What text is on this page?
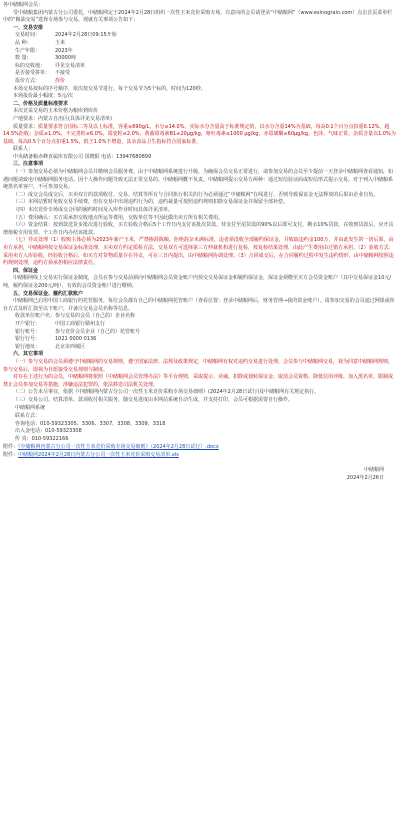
各中储粮网会员：

受中储粮集团内蒙古分公司委托，中储粮网定于2024年2月28日组织一次性玉米竞价采购专场，有意向的会员请登录“中储粮网”（www.esinograin.com）点击首页菜单栏中的“粮油交易”选择专场参与交易。现就有关事项公告如下：

一、交易安排

交易时间：	2024年2月28日09:15开始

品 种：	玉米

生产年限：	2023年

数 量：	30000吨

标的交收地： 详见交易清单

是否接受拼单： 不接受

报价方式：	挥价

本场交易按标的序号顺序，依次按交易节进行，每个交易节为5个标的，时间为120秒。

本场报价最小幅度：5元/次

二、价格及质量标准要求

本次竞采交易的玉米价格为粮库到库价

产地要求：内蒙古自治区(具体详见交易清单)

质量要求：质量要求符合国标二等及以上标准，容重≥690g/L，水分≤14.0%，实际水分含量高于标准规定的，以水分含量14%为基础，每高0.1个百分点扣重0.12%，超14.5%拒收；杂质≤1.0%，不完善粒≤6.0%，霉变粒≤2.0%，黄曲霉毒素B1≤20μg/kg，呕吐毒素≤1000 μg/kg，赤霉烯酮≤60μg/kg，色泽、气味正常。杂质含量以1.0%为基础，每高0.5个百分点扣重1.5%，低于1.0%不增量，其余食品卫生指标符合国家标准。

联系人：

中央储备粮赤峰直属库有限公司 国晓阳 电话：13947680899

三、注意事项

（一）参加交易必须为中储粮网会员并缴纳会员服务费。由于中储粮网系统进行升级，为确保会员交易正常进行，请参加交易的会员至少提前一天登录中储粮网查看通知，如遇问题请致电中储粮网服务电话。因个人操作问题导致无法正常交易的，中储粮网概不负责。中储粮网提示交易方两种：通过短信验证码或短信形式提示交易。对于列入中储粮系统黑名单客户，不可参加交易。

（二）成交会员成交后，买卖双方的款项收付、交易、结算等所有与合同执行相关的行为必须通过“中储粮网”在线进行，否则导致保证金无法释放的后果由企业自负。

（三）本网站暂时免收交易手续费，但在交易中出现违约行为的，违约裁量可按照违约规则扣除交易保证金并保留全部补偿。

（四）本次竞价专场成交合同的履约时间及入库作业时间具体详见清单。

（五）费用确认：买方需承担交收地点所运等费用，交收单位等不因此做出卖方所有相关费用。

（六）资金结算：按到款送货步批次进行验收，买方验收合格后5个工作日内支付该批次货款，待支付至尾货款的90%以后即可支付，剩余10%货款，在收到货款后，应开具增值税专用发票，个工作日内办结该批款。

（七）异议处理（1）收购主体必须为2023年新产玉米，严禁掺混陈粮。拒绝混杂未满标准，违者须没收全部履约保证金，并收取违约金100万，并由此发生的一切后果，由卖方承担，中储粮网按交易保证金标准处理，买卖双方约定质检方法，交易双方可选择第三方仲裁机构进行复检，按复检结果处理，由此产生费用由过错方承担。（2）验收方式：采用卖方入库验收，经验收合格后，如买方对货物质量存在异议，可在三日内提出，由中储粮网协调处理。（3）合同成交后，在合同履约过程中发生违约情形，由中储粮网按照违约规则处理，违约方须承担相应法律责任。

四、保证金

中储粮网线上交易实行保证金制度，会员在参与交易前须向中储粮网会员资金账户内预交交易保证金和履约保证金，保证金须缴至买方会员资金账户（其中交易保证金10元/吨，履约保证金200元/吨），有效的会员资金账户进行缴纳。

五、交易保证金、履约汇款账户

中储粮网已启用中国工商银行的托管服务，每位会员都有自己的中储粮网托管账户（查看位置：登录中储粮网后，财务管理→我的资金账户）。请参加交易的会员通过网银或柜台方式及时汇款至以下账户，并备注交易会员名称等信息。

收款单位账户名：参与交易的会员（自己的）企业名称

开户银行：	中国工商银行赣州支行

银行账号：	参与竞价会员企业（自己的）托管账号

银行行号：	1021 0000 0136

银行地址：	北京市西城区

六、其它事项

（一）参与交易的会员须遵守中储粮网的交易规则，遵守国家法律、法规及政策规定，中储粮网有权对违约交易进行处理，会员参与中储粮网交易，视为同意中储粮网规则，参与交易后，即视为自愿接受交易规则与制度。

对存在上述行为的会员，中储粮网将依照《中储粮网会员管理办法》等平台规则，采取提示、劝诫、扣除或划转保证金、取消会员资格、降低信用评级、加入黑名单、限制或禁止会员参加交易等措施，涉嫌违法犯罪的，依法移送司法机关处理。

（二）公告未尽事宜，依据《中储粮网内蒙古分公司一次性玉米竞价采购专场交易细则》(2024年2月28日试行)及中储粮网有关规定执行。

（三）交易公司、结算清单、款项收付相关服务，随交易进度由本网站系统自动生成，并支持打印，会员可根据需要自行操作。

中储粮网系统

联系方式：

咨询电话：010-59323305、3306、3307、3308、3309、3318

出入金电话：010-59323308

传 真：010-59322166

附件：《中储粮网内蒙古分公司一次性玉米竞价采购专场交易细则》（2024年2月28日试行）.docx

附件：中储粮网2024年2月28日内蒙古分公司一次性玉米竞价采购交易清单.xls

中储粮网

2024年2月26日
